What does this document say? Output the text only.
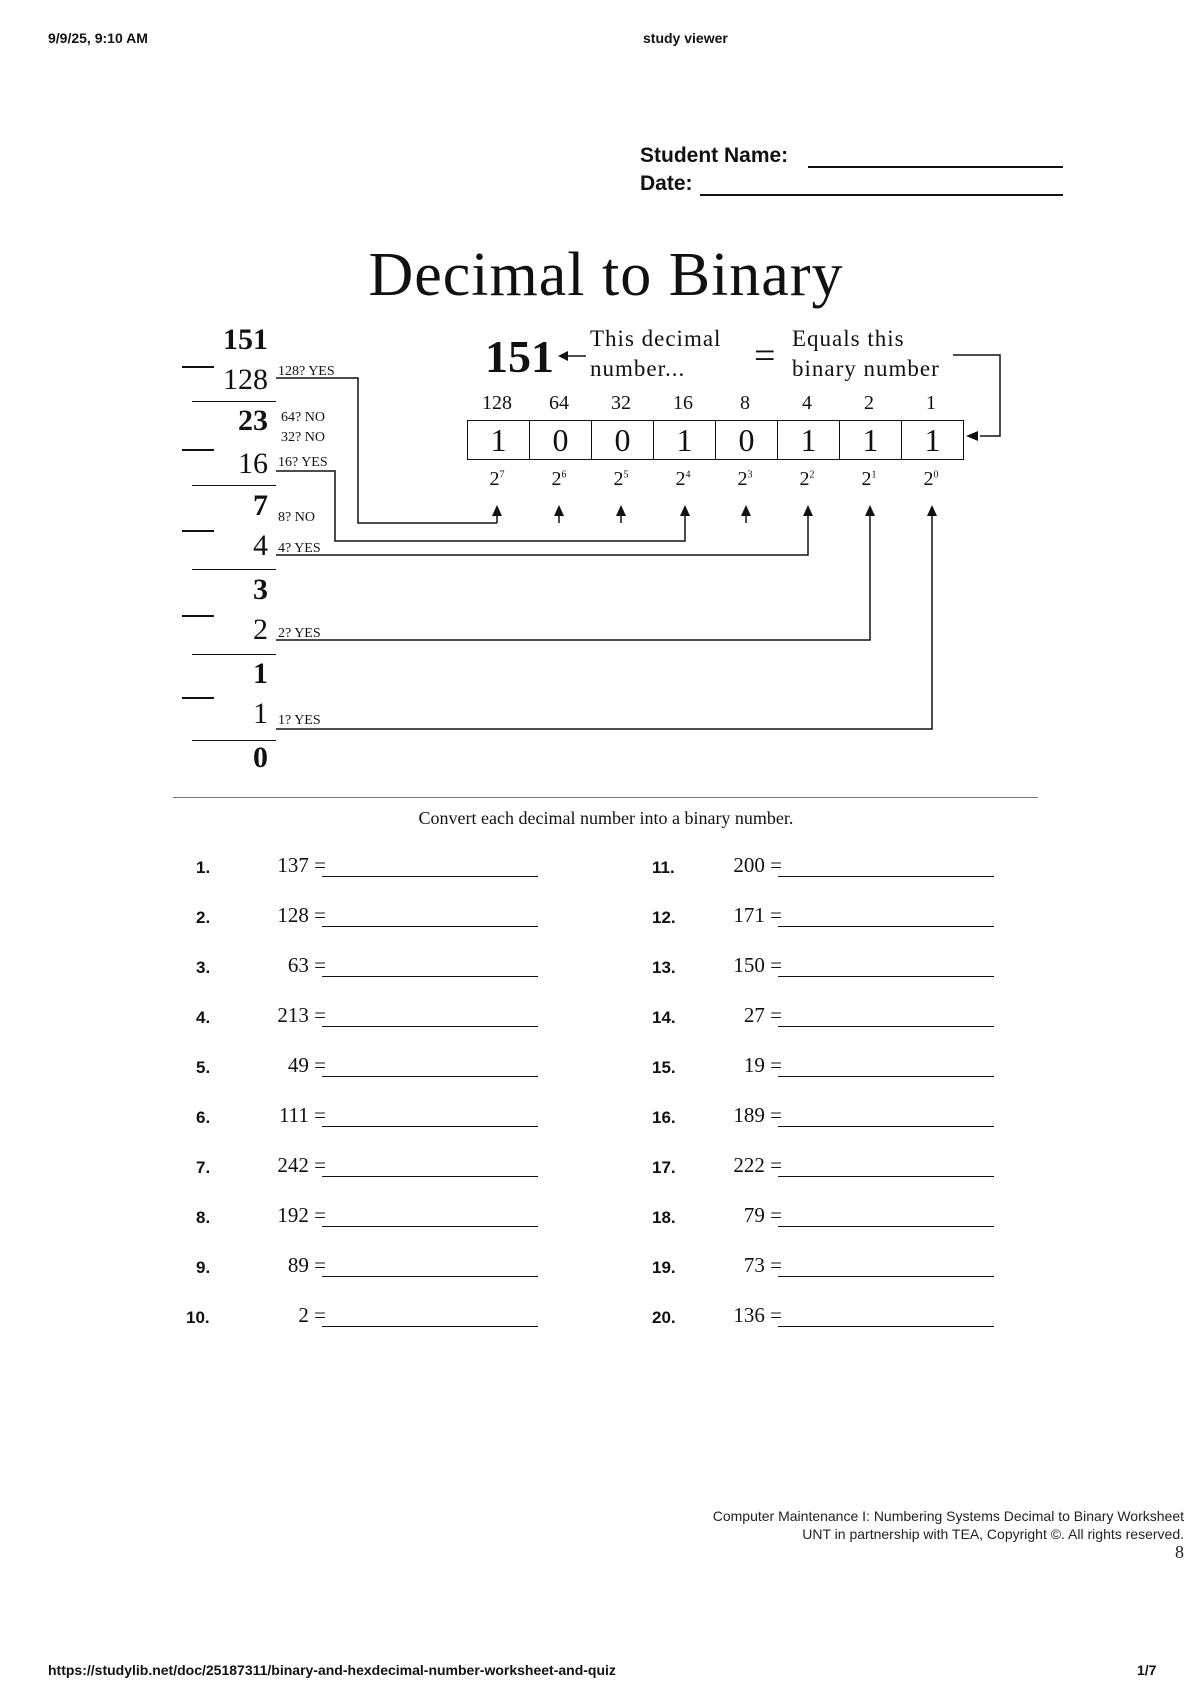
9/9/25, 9:10 AM	study viewer
https://studylib.net/doc/25187311/binary-and-hexdecimal-number-worksheet-and-quiz	1/7
Student Name:
Date:
Decimal to Binary
151
128 128? YES
23 64? NO
32? NO
16 16? YES
7 8? NO
4 4? YES
3
2 2? YES
1
1 1? YES
0
151 This decimal
number... = Equals this
binary number
128	64	32	16	8	4	2	1
1	0	0	1	0	1	1	1
$2^7$	$2^6$	$2^5$	$2^4$	$2^3$	$2^2$	$2^1$	$2^0$
Convert each decimal number into a binary number.
1.	137 =
2.	128 =
3.	63 =
4.	213 =
5.	49 =
6.	111 =
7.	242 =
8.	192 =
9.	89 =
10.	2 =
11.	200 =
12.	171 =
13.	150 =
14.	27 =
15.	19 =
16.	189 =
17.	222 =
18.	79 =
19.	73 =
20.	136 =
Computer Maintenance I: Numbering Systems Decimal to Binary Worksheet
UNT in partnership with TEA, Copyright ©. All rights reserved.
8
